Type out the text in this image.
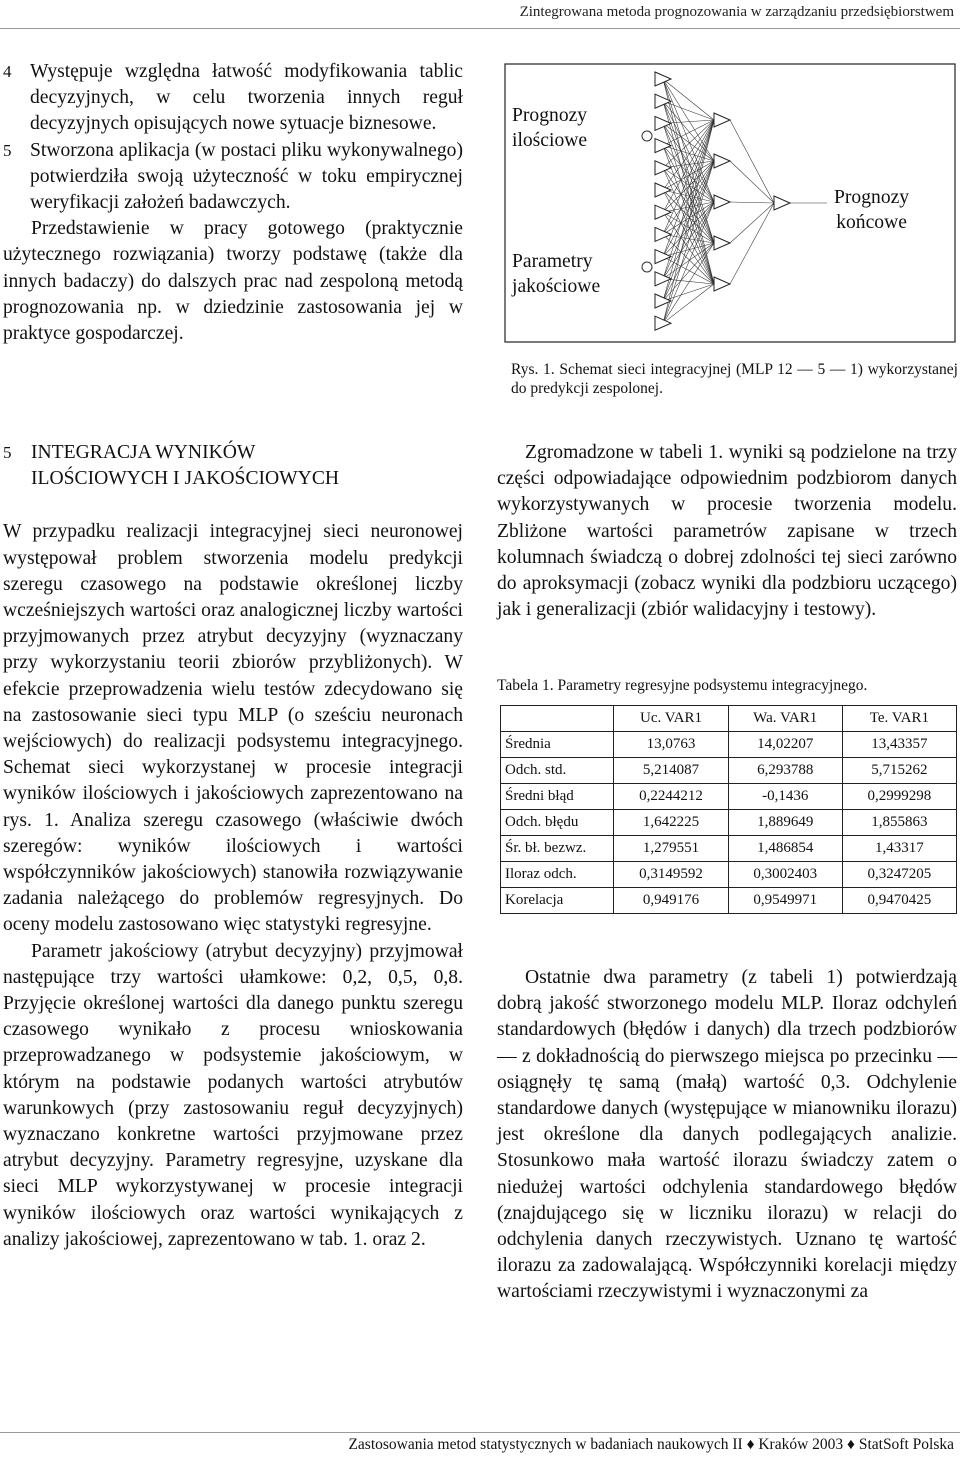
Zintegrowana metoda prognozowania w zarządzaniu przedsiębiorstwem
4 Występuje względna łatwość modyfikowania tablic decyzyjnych, w celu tworzenia innych reguł decyzyjnych opisujących nowe sytuacje biznesowe.

5 Stworzona aplikacja (w postaci pliku wykonywalnego) potwierdziła swoją użyteczność w toku empirycznej weryfikacji założeń badawczych.

Przedstawienie w pracy gotowego (praktycznie użytecznego rozwiązania) tworzy podstawę (także dla innych badaczy) do dalszych prac nad zespoloną metodą prognozowania np. w dziedzinie zastosowania jej w praktyce gospodarczej.

Prognozy
ilościowe
Parametry
jakościowe
Prognozy
końcowe

Rys. 1. Schemat sieci integracyjnej (MLP 12 — 5 — 1) wykorzystanej do predykcji zespolonej.

5 INTEGRACJA WYNIKÓW
ILOŚCIOWYCH I JAKOŚCIOWYCH

W przypadku realizacji integracyjnej sieci neuronowej występował problem stworzenia modelu predykcji szeregu czasowego na podstawie określonej liczby wcześniejszych wartości oraz analogicznej liczby wartości przyjmowanych przez atrybut decyzyjny (wyznaczany przy wykorzystaniu teorii zbiorów przybliżonych). W efekcie przeprowadzenia wielu testów zdecydowano się na zastosowanie sieci typu MLP (o sześciu neuronach wejściowych) do realizacji podsystemu integracyjnego. Schemat sieci wykorzystanej w procesie integracji wyników ilościowych i jakościowych zaprezentowano na rys. 1. Analiza szeregu czasowego (właściwie dwóch szeregów: wyników ilościowych i wartości współczynników jakościowych) stanowiła rozwiązywanie zadania należącego do problemów regresyjnych. Do oceny modelu zastosowano więc statystyki regresyjne.

Parametr jakościowy (atrybut decyzyjny) przyjmował następujące trzy wartości ułamkowe: 0,2, 0,5, 0,8. Przyjęcie określonej wartości dla danego punktu szeregu czasowego wynikało z procesu wnioskowania przeprowadzanego w podsystemie jakościowym, w którym na podstawie podanych wartości atrybutów warunkowych (przy zastosowaniu reguł decyzyjnych) wyznaczano konkretne wartości przyjmowane przez atrybut decyzyjny. Parametry regresyjne, uzyskane dla sieci MLP wykorzystywanej w procesie integracji wyników ilościowych oraz wartości wynikających z analizy jakościowej, zaprezentowano w tab. 1. oraz 2.

Zgromadzone w tabeli 1. wyniki są podzielone na trzy części odpowiadające odpowiednim podzbiorom danych wykorzystywanych w procesie tworzenia modelu. Zbliżone wartości parametrów zapisane w trzech kolumnach świadczą o dobrej zdolności tej sieci zarówno do aproksymacji (zobacz wyniki dla podzbioru uczącego) jak i generalizacji (zbiór walidacyjny i testowy).

Tabela 1. Parametry regresyjne podsystemu integracyjnego.

	Uc. VAR1	Wa. VAR1	Te. VAR1
Średnia	13,0763	14,02207	13,43357
Odch. std.	5,214087	6,293788	5,715262
Średni błąd	0,2244212	-0,1436	0,2999298
Odch. błędu	1,642225	1,889649	1,855863
Śr. bł. bezwz.	1,279551	1,486854	1,43317
Iloraz odch.	0,3149592	0,3002403	0,3247205
Korelacja	0,949176	0,9549971	0,9470425

Ostatnie dwa parametry (z tabeli 1) potwierdzają dobrą jakość stworzonego modelu MLP. Iloraz odchyleń standardowych (błędów i danych) dla trzech podzbiorów — z dokładnością do pierwszego miejsca po przecinku — osiągnęły tę samą (małą) wartość 0,3. Odchylenie standardowe danych (występujące w mianowniku ilorazu) jest określone dla danych podlegających analizie. Stosunkowo mała wartość ilorazu świadczy zatem o niedużej wartości odchylenia standardowego błędów (znajdującego się w liczniku ilorazu) w relacji do odchylenia danych rzeczywistych. Uznano tę wartość ilorazu za zadowalającą. Współczynniki korelacji między wartościami rzeczywistymi i wyznaczonymi za

Zastosowania metod statystycznych w badaniach naukowych II ♦ Kraków 2003 ♦ StatSoft Polska
